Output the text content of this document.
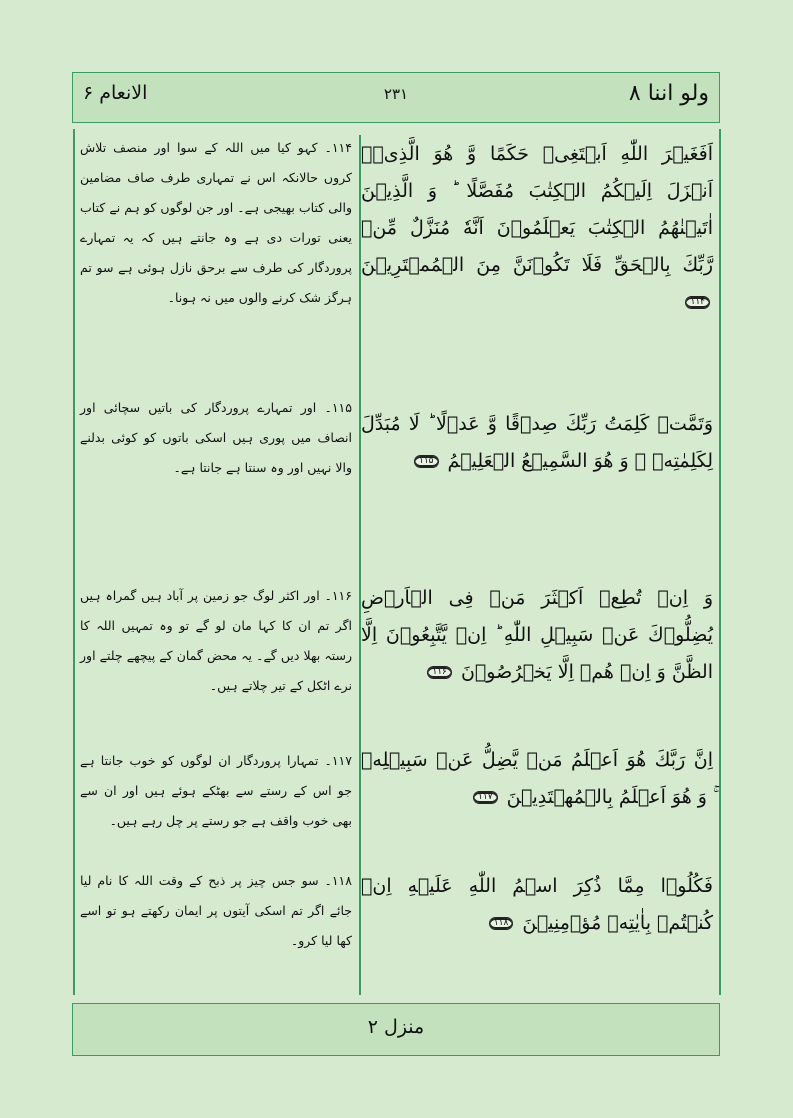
ولو اننا ۸
۲۳۱
الانعام ۶
اَفَغَيۡرَ اللّٰهِ اَبۡتَغِىۡ حَكَمًا وَّ هُوَ الَّذِىۡۤ اَنۡزَلَ اِلَيۡكُمُ الۡكِتٰبَ مُفَصَّلًا ؕ وَ الَّذِيۡنَ اٰتَيۡنٰهُمُ الۡكِتٰبَ يَعۡلَمُوۡنَ اَنَّهٗ مُنَزَّلٌ مِّنۡ رَّبِّكَ بِالۡحَقِّ فَلَا تَكُوۡنَنَّ مِنَ الۡمُمۡتَرِيۡنَ ۱۱۴
۱۱۴۔ کہو کیا میں اللہ کے سوا اور منصف تلاش کروں حالانکہ اس نے تمہاری طرف صاف مضامین والی کتاب بھیجی ہے۔ اور جن لوگوں کو ہم نے کتاب یعنی تورات دی ہے وہ جانتے ہیں کہ یہ تمہارے پروردگار کی طرف سے برحق نازل ہوئی ہے سو تم ہرگز شک کرنے والوں میں نہ ہونا۔
وَتَمَّتۡ كَلِمَتُ رَبِّكَ صِدۡقًا وَّ عَدۡلًا ؕ لَا مُبَدِّلَ لِكَلِمٰتِهٖ ۚ وَ هُوَ السَّمِيۡعُ الۡعَلِيۡمُ ۱۱۵
۱۱۵۔ اور تمہارے پروردگار کی باتیں سچائی اور انصاف میں پوری ہیں اسکی باتوں کو کوئی بدلنے والا نہیں اور وہ سنتا ہے جانتا ہے۔
وَ اِنۡ تُطِعۡ اَكۡثَرَ مَنۡ فِى الۡاَرۡضِ يُضِلُّوۡكَ عَنۡ سَبِيۡلِ اللّٰهِ ؕ اِنۡ يَّتَّبِعُوۡنَ اِلَّا الظَّنَّ وَ اِنۡ هُمۡ اِلَّا يَخۡرُصُوۡنَ ۱۱۶
۱۱۶۔ اور اکثر لوگ جو زمین پر آباد ہیں گمراہ ہیں اگر تم ان کا کہا مان لو گے تو وہ تمہیں اللہ کا رستہ بھلا دیں گے۔ یہ محض گمان کے پیچھے چلتے اور نرے اٹکل کے تیر چلاتے ہیں۔
اِنَّ رَبَّكَ هُوَ اَعۡلَمُ مَنۡ يَّضِلُّ عَنۡ سَبِيۡلِهٖ ۚ وَ هُوَ اَعۡلَمُ بِالۡمُهۡتَدِيۡنَ ۱۱۷
۱۱۷۔ تمہارا پروردگار ان لوگوں کو خوب جانتا ہے جو اس کے رستے سے بھٹکے ہوئے ہیں اور ان سے بھی خوب واقف ہے جو رستے پر چل رہے ہیں۔
فَكُلُوۡا مِمَّا ذُكِرَ اسۡمُ اللّٰهِ عَلَيۡهِ اِنۡ كُنۡتُمۡ بِاٰيٰتِهٖ مُؤۡمِنِيۡنَ ۱۱۸
۱۱۸۔ سو جس چیز پر ذبح کے وقت اللہ کا نام لیا جائے اگر تم اسکی آیتوں پر ایمان رکھتے ہو تو اسے کھا لیا کرو۔
منزل ۲
